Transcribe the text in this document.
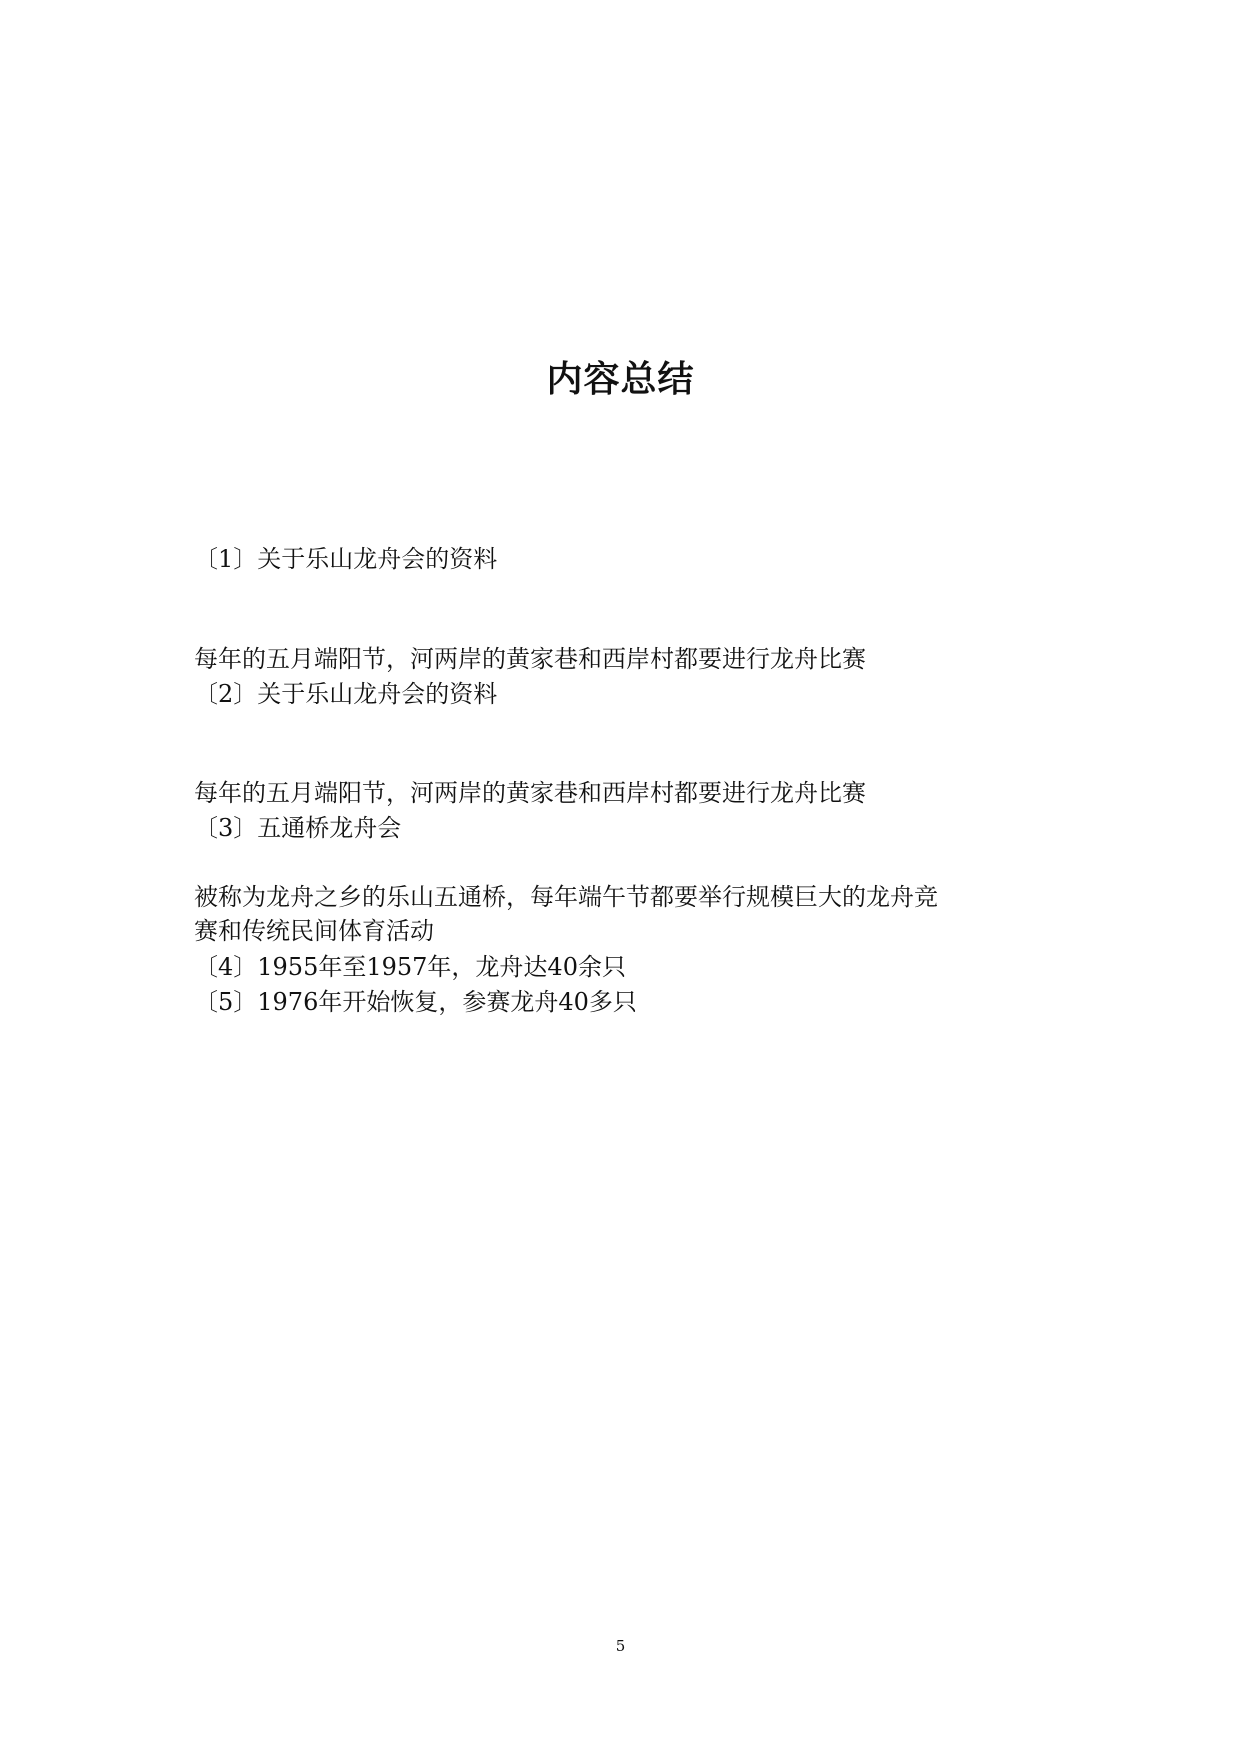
内容总结
〔1〕关于乐山龙舟会的资料
每年的五月端阳节，河两岸的黄家巷和西岸村都要进行龙舟比赛
〔2〕关于乐山龙舟会的资料
每年的五月端阳节，河两岸的黄家巷和西岸村都要进行龙舟比赛
〔3〕五通桥龙舟会
被称为龙舟之乡的乐山五通桥，每年端午节都要举行规模巨大的龙舟竞
赛和传统民间体育活动
〔4〕1955年至1957年，龙舟达40余只
〔5〕1976年开始恢复，参赛龙舟40多只
5
